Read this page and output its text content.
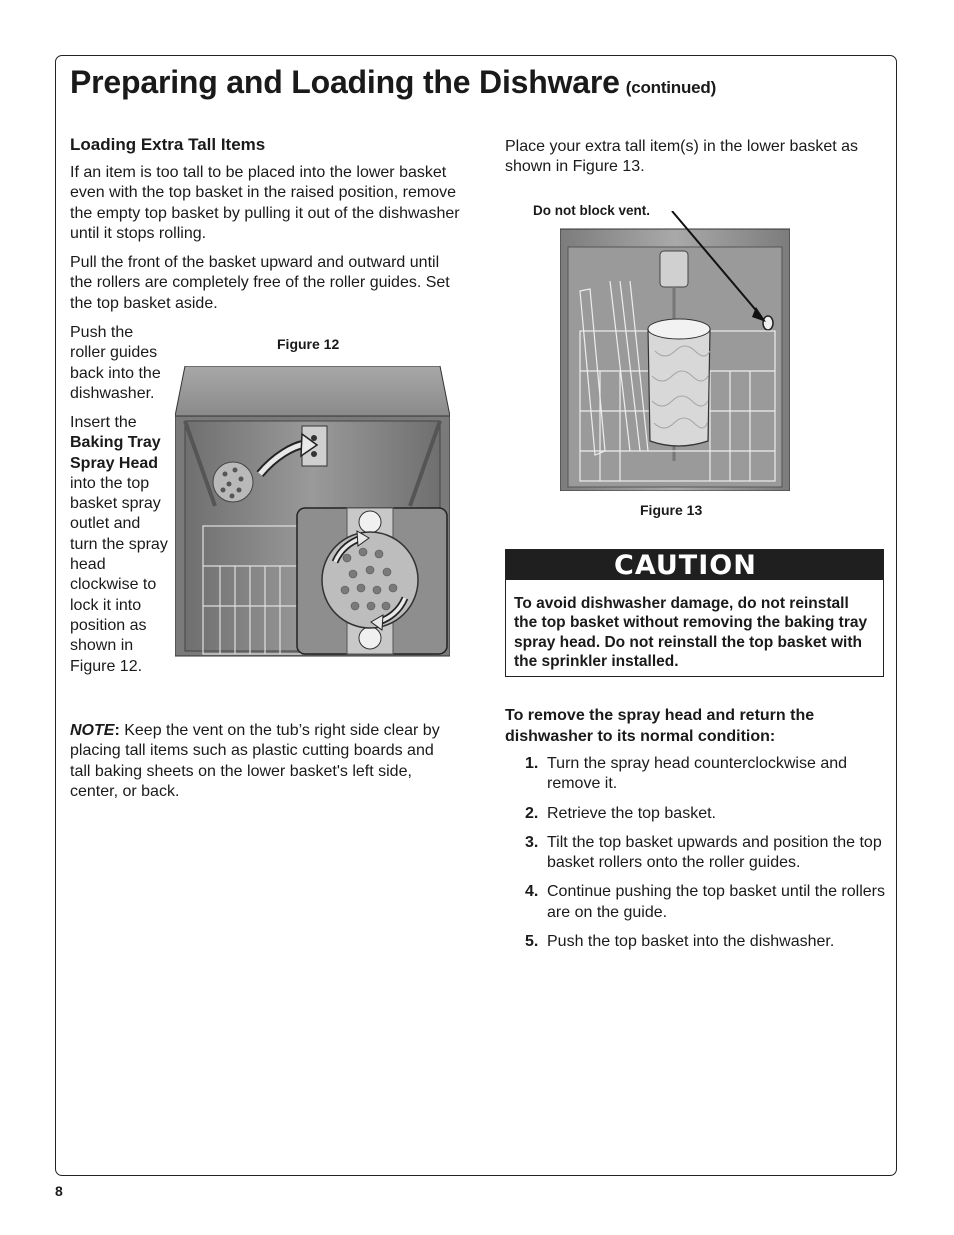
Preparing and Loading the Dishware (continued)
Loading Extra Tall Items

If an item is too tall to be placed into the lower basket even with the top basket in the raised position, remove the empty top basket by pulling it out of the dishwasher until it stops rolling.

Pull the front of the basket upward and outward until the rollers are completely free of the roller guides. Set the top basket aside.

Push the roller guides back into the dishwasher.

Insert the Baking Tray Spray Head into the top basket spray outlet and turn the spray head clockwise to lock it into position as shown in Figure 12.

NOTE: Keep the vent on the tub’s right side clear by placing tall items such as plastic cutting boards and tall baking sheets on the lower basket's left side, center, or back.

Figure 12

Place your extra tall item(s) in the lower basket as shown in Figure 13.

Do not block vent.

Figure 13

CAUTION

To avoid dishwasher damage, do not reinstall the top basket without removing the baking tray spray head. Do not reinstall the top basket with the sprinkler installed.

To remove the spray head and return the dishwasher to its normal condition:

1. Turn the spray head counterclockwise and remove it.
2. Retrieve the top basket.
3. Tilt the top basket upwards and position the top basket rollers onto the roller guides.
4. Continue pushing the top basket until the rollers are on the guide.
5. Push the top basket into the dishwasher.

8
